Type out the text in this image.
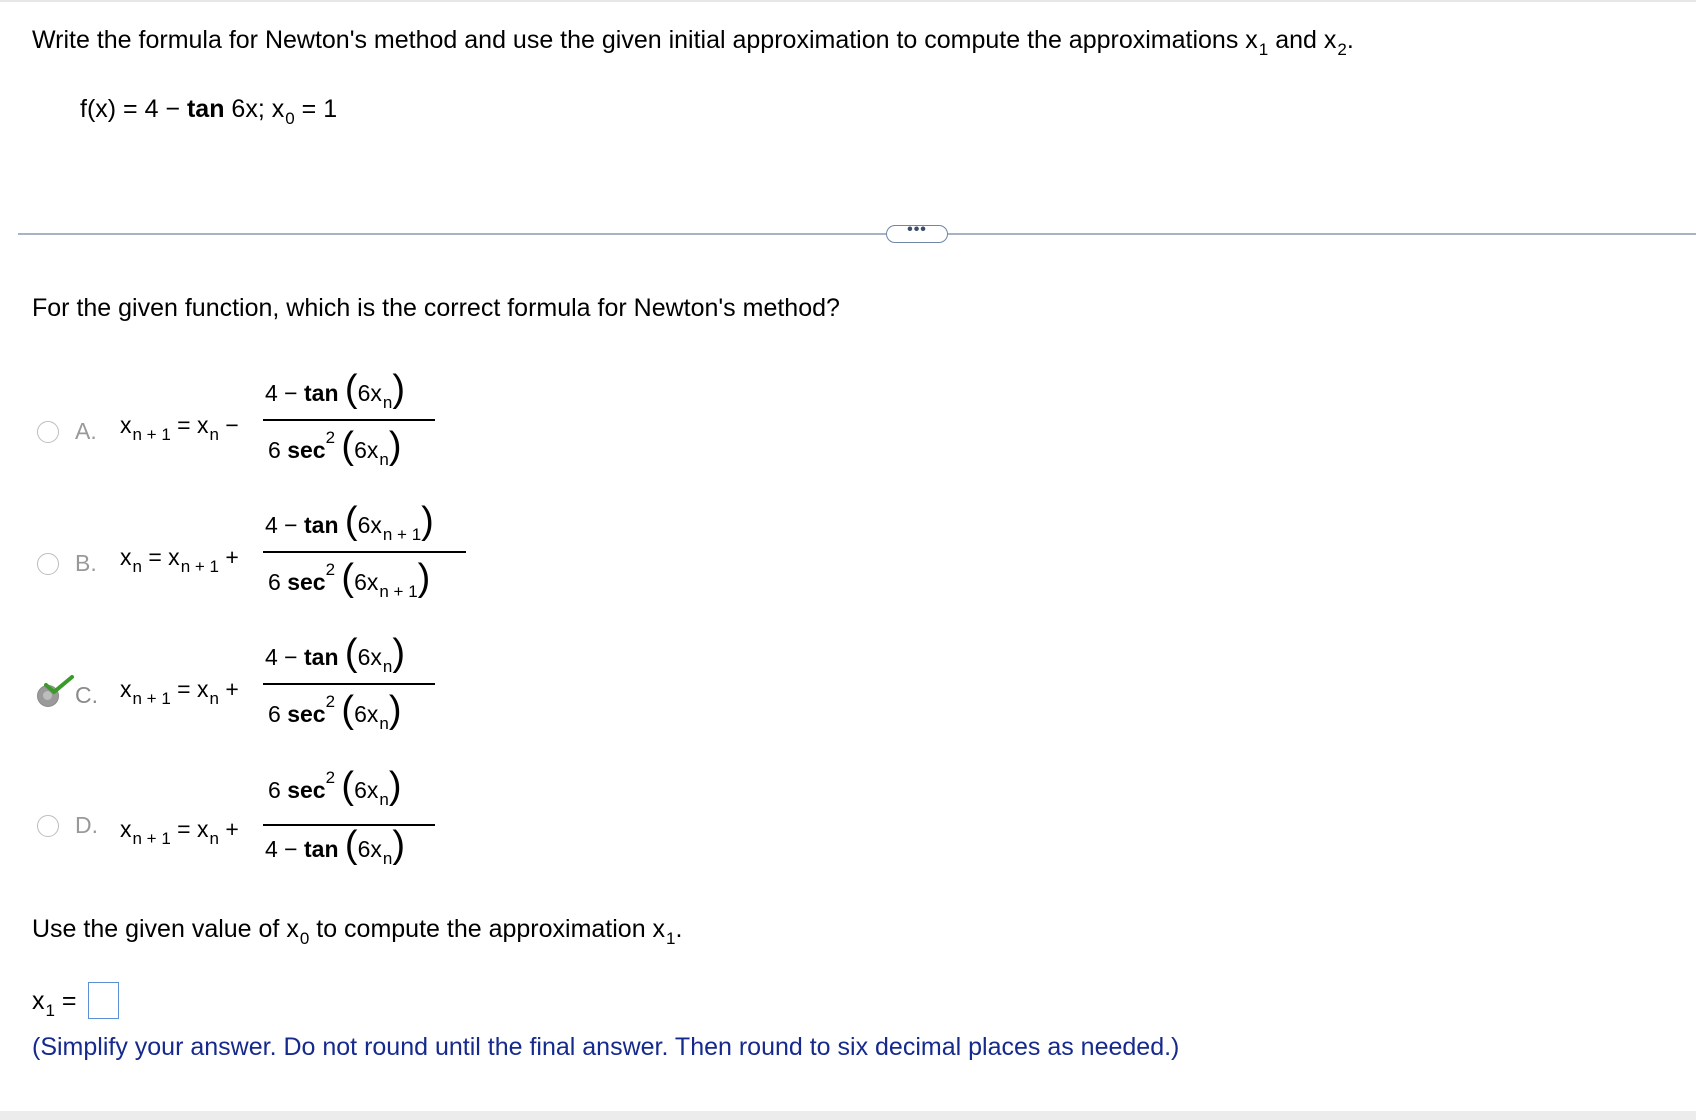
Write the formula for Newton's method and use the given initial approximation to compute the approximations $x_1$ and $x_2$.
f(x) = 4 − tan 6x; $x_0 = 1$
•••
For the given function, which is the correct formula for Newton's method?
A. $x_{n + 1} = x_n$ −
$4 - \tan (6x_n)$
6 $\sec^2 (6x_n)$
B. $x_n = x_{n + 1}$ +
$4 - \tan (6x_{n + 1})$
6 $\sec^2 (6x_{n + 1})$
C. $x_{n + 1} = x_n$ +
$4 - \tan (6x_n)$
6 $\sec^2 (6x_n)$
D. $x_{n + 1} = x_n$ +
6 $\sec^2 (6x_n)$
$4 - \tan (6x_n)$
Use the given value of $x_0$ to compute the approximation $x_1$.
$x_1$ =
(Simplify your answer. Do not round until the final answer. Then round to six decimal places as needed.)
